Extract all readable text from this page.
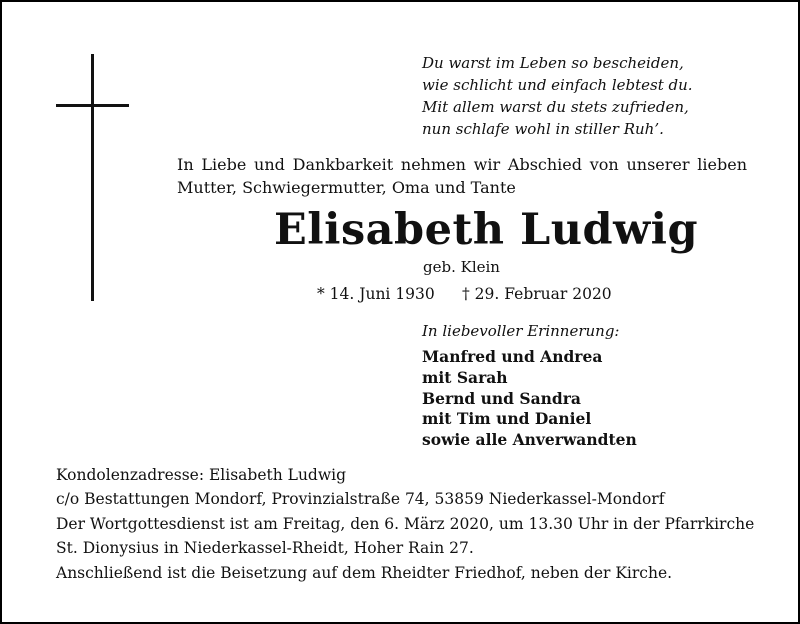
Du warst im Leben so bescheiden,
wie schlicht und einfach lebtest du.
Mit allem warst du stets zufrieden,
nun schlafe wohl in stiller Ruh’.
In Liebe und Dankbarkeit nehmen wir Abschied von unserer lieben
Mutter, Schwiegermutter, Oma und Tante
Elisabeth Ludwig
geb. Klein
* 14. Juni 1930 † 29. Februar 2020
In liebevoller Erinnerung:
Manfred und Andrea
mit Sarah
Bernd und Sandra
mit Tim und Daniel
sowie alle Anverwandten
Kondolenzadresse: Elisabeth Ludwig
c/o Bestattungen Mondorf, Provinzialstraße 74, 53859 Niederkassel-Mondorf
Der Wortgottesdienst ist am Freitag, den 6. März 2020, um 13.30 Uhr in der Pfarrkirche
St. Dionysius in Niederkassel-Rheidt, Hoher Rain 27.
Anschließend ist die Beisetzung auf dem Rheidter Friedhof, neben der Kirche.
